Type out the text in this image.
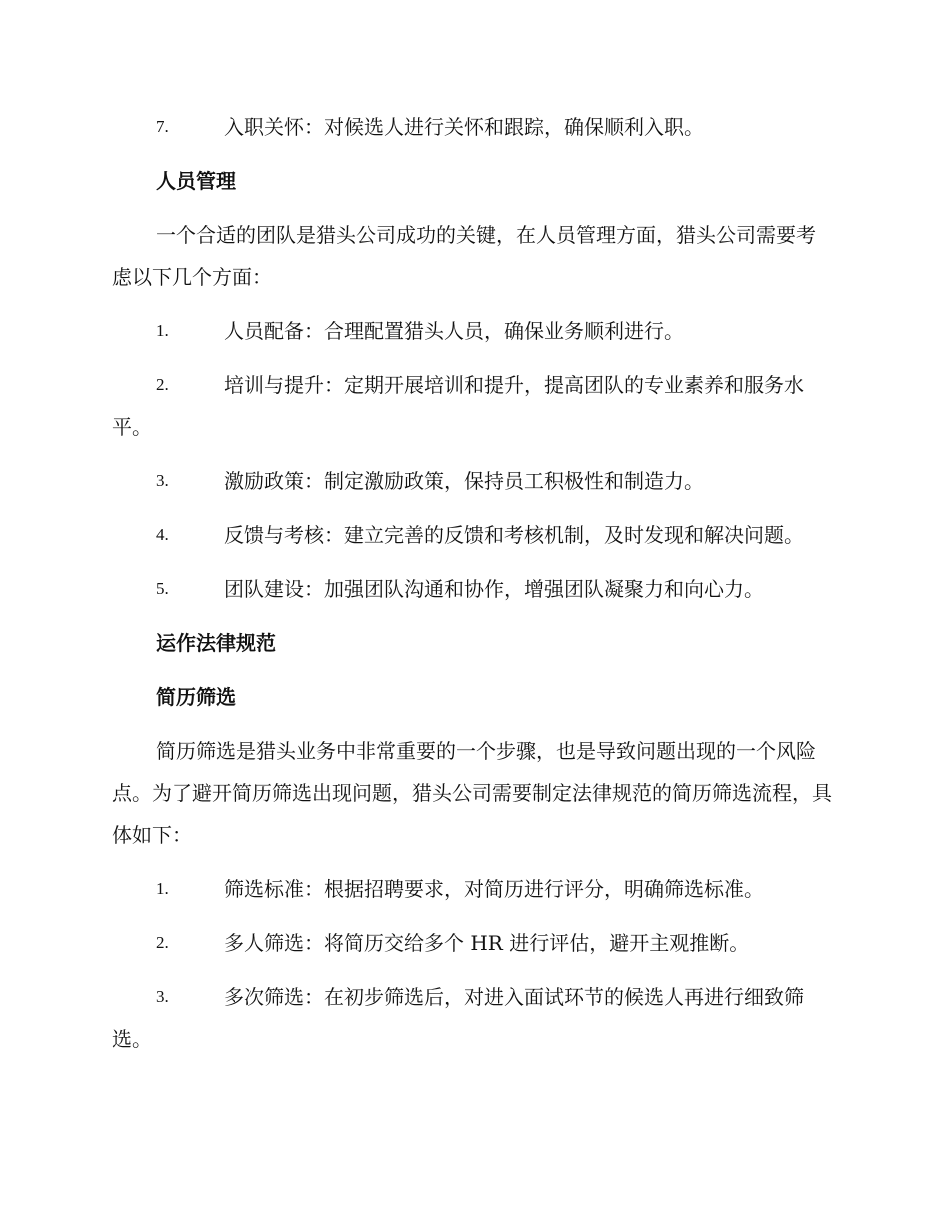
7.	入职关怀：对候选人进行关怀和跟踪，确保顺利入职。
人员管理
一个合适的团队是猎头公司成功的关键，在人员管理方面，猎头公司需要考虑以下几个方面：
1.	人员配备：合理配置猎头人员，确保业务顺利进行。
2.	培训与提升：定期开展培训和提升，提高团队的专业素养和服务水平。
3.	激励政策：制定激励政策，保持员工积极性和制造力。
4.	反馈与考核：建立完善的反馈和考核机制，及时发现和解决问题。
5.	团队建设：加强团队沟通和协作，增强团队凝聚力和向心力。
运作法律规范
简历筛选
简历筛选是猎头业务中非常重要的一个步骤，也是导致问题出现的一个风险点。为了避开简历筛选出现问题，猎头公司需要制定法律规范的简历筛选流程，具体如下：
1.	筛选标准：根据招聘要求，对简历进行评分，明确筛选标准。
2.	多人筛选：将简历交给多个 HR 进行评估，避开主观推断。
3.	多次筛选：在初步筛选后，对进入面试环节的候选人再进行细致筛选。
